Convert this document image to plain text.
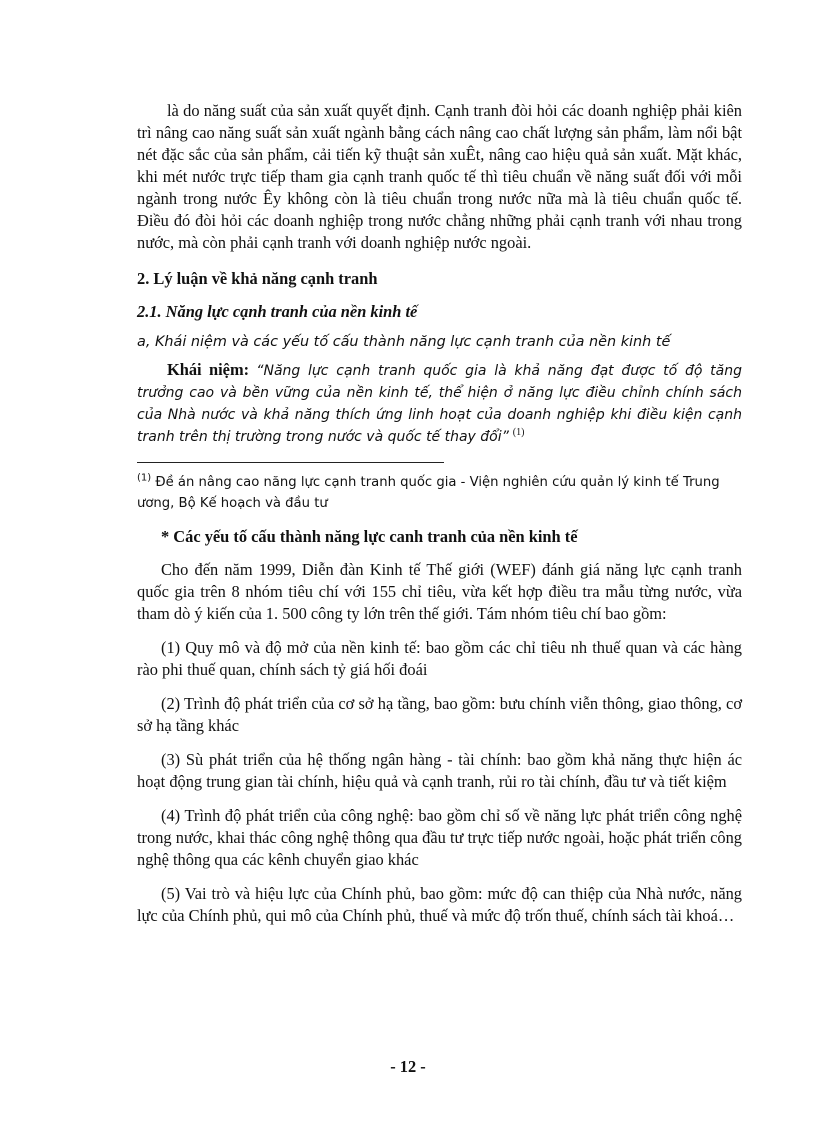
là do năng suất của sản xuất quyết định. Cạnh tranh đòi hỏi các doanh nghiệp phải kiên trì nâng cao năng suất sản xuất ngành bằng cách nâng cao chất lượng sản phẩm, làm nổi bật nét đặc sắc của sản phẩm, cải tiến kỹ thuật sản xuÊt, nâng cao hiệu quả sản xuất. Mặt khác, khi mét nước trực tiếp tham gia cạnh tranh quốc tế thì tiêu chuẩn về năng suất đối với mỗi ngành trong nước Êy không còn là tiêu chuẩn trong nước nữa mà là tiêu chuẩn quốc tế. Điều đó đòi hỏi các doanh nghiệp trong nước chẳng những phải cạnh tranh với nhau trong nước, mà còn phải cạnh tranh với doanh nghiệp nước ngoài.

2. Lý luận về khả năng cạnh tranh

2.1. Năng lực cạnh tranh của nền kinh tế

a, Khái niệm và các yếu tố cấu thành năng lực cạnh tranh của nền kinh tế

Khái niệm: “Năng lực cạnh tranh quốc gia là khả năng đạt được tố độ tăng trưởng cao và bền vững của nền kinh tế, thể hiện ở năng lực điều chỉnh chính sách của Nhà nước và khả năng thích ứng linh hoạt của doanh nghiệp khi điều kiện cạnh tranh trên thị trường trong nước và quốc tế thay đổi” $^{(1)}$

$^{(1)}$ Đề án nâng cao năng lực cạnh tranh quốc gia - Viện nghiên cứu quản lý kinh tế Trung ương, Bộ Kế hoạch và đầu tư

* Các yếu tố cấu thành năng lực canh tranh của nền kinh tế

Cho đến năm 1999, Diễn đàn Kinh tế Thế giới (WEF) đánh giá năng lực cạnh tranh quốc gia trên 8 nhóm tiêu chí với 155 chỉ tiêu, vừa kết hợp điều tra mẫu từng nước, vừa tham dò ý kiến của 1. 500 công ty lớn trên thế giới. Tám nhóm tiêu chí bao gồm:

(1) Quy mô và độ mở của nền kinh tế: bao gồm các chỉ tiêu nh thuế quan và các hàng rào phi thuế quan, chính sách tỷ giá hối đoái

(2) Trình độ phát triển của cơ sở hạ tầng, bao gồm: bưu chính viễn thông, giao thông, cơ sở hạ tầng khác

(3) Sù phát triển của hệ thống ngân hàng - tài chính: bao gồm khả năng thực hiện ác hoạt động trung gian tài chính, hiệu quả và cạnh tranh, rủi ro tài chính, đầu tư và tiết kiệm

(4) Trình độ phát triển của công nghệ: bao gồm chỉ số về năng lực phát triển công nghệ trong nước, khai thác công nghệ thông qua đầu tư trực tiếp nước ngoài, hoặc phát triển công nghệ thông qua các kênh chuyển giao khác

(5) Vai trò và hiệu lực của Chính phủ, bao gồm: mức độ can thiệp của Nhà nước, năng lực của Chính phủ, qui mô của Chính phủ, thuế và mức độ trốn thuế, chính sách tài khoá…

- 12 -
